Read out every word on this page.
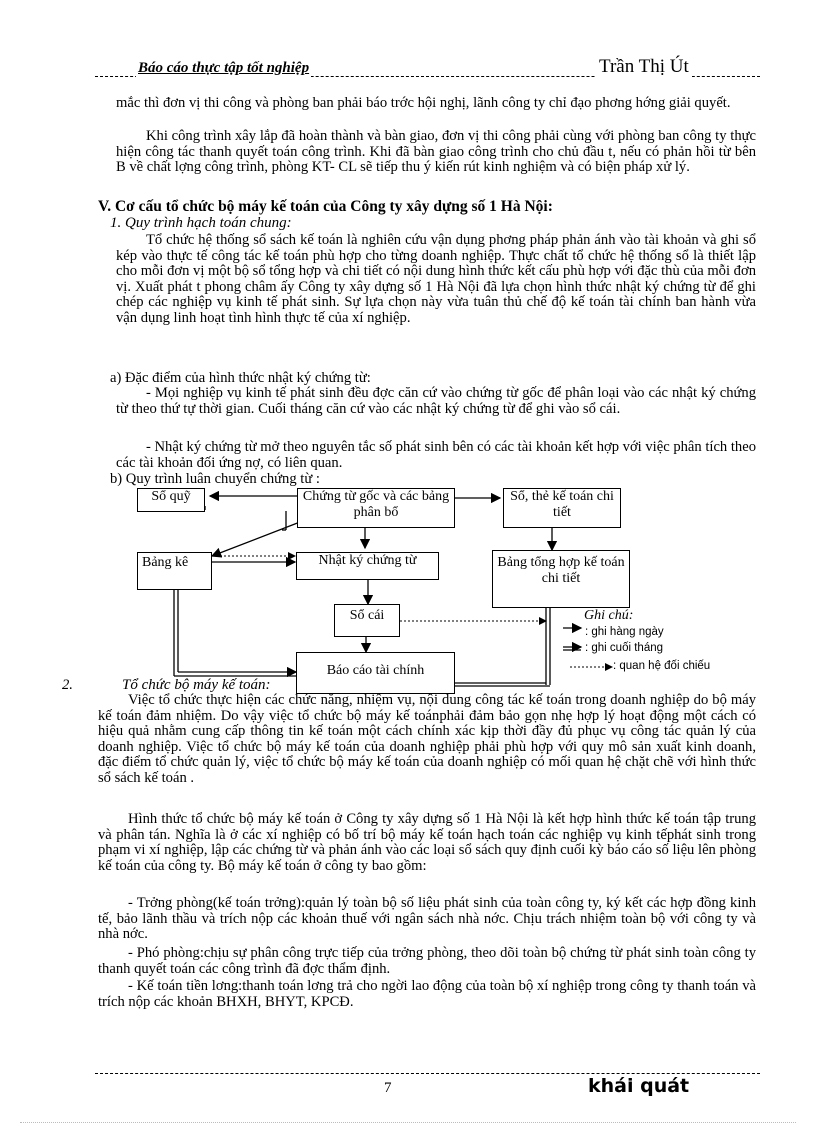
Báo cáo thực tập tốt nghiệp	Trần Thị Út

mắc thì đơn vị thi công và phòng ban phải báo trớc hội nghị, lãnh công ty chỉ đạo phơng hớng giải quyết.

Khi công trình xây lắp đã hoàn thành và bàn giao, đơn vị thi công phải cùng với phòng ban công ty thực hiện công tác thanh quyết toán công trình. Khi đã bàn giao công trình cho chủ đầu t, nếu có phản hồi từ bên B về chất lợng công trình, phòng KT- CL sẽ tiếp thu ý kiến rút kinh nghiệm và có biện pháp xử lý.

V. Cơ cấu tổ chức bộ máy kế toán của Công ty xây dựng số 1 Hà Nội:

1. Quy trình hạch toán chung:

Tổ chức hệ thống sổ sách kế toán là nghiên cứu vận dụng phơng pháp phản ánh vào tài khoản và ghi sổ kép vào thực tế công tác kế toán phù hợp cho từng doanh nghiệp. Thực chất tổ chức hệ thống sổ là thiết lập cho mỗi đơn vị một bộ sổ tổng hợp và chi tiết có nội dung hình thức kết cấu phù hợp với đặc thù của mỗi đơn vị. Xuất phát t phong châm ấy Công ty xây dựng số 1 Hà Nội đã lựa chọn hình thức nhật ký chứng từ để ghi chép các nghiệp vụ kinh tế phát sinh. Sự lựa chọn này vừa tuân thủ chế độ kế toán tài chính ban hành vừa vận dụng linh hoạt tình hình thực tế của xí nghiệp.

a) Đặc điểm của hình thức nhật ký chứng từ:

- Mọi nghiệp vụ kinh tế phát sinh đều đợc căn cứ vào chứng từ gốc để phân loại vào các nhật ký chứng từ theo thứ tự thời gian. Cuối tháng căn cứ vào các nhật ký chứng từ để ghi vào sổ cái.

- Nhật ký chứng từ mở theo nguyên tắc số phát sinh bên có các tài khoản kết hợp với việc phân tích theo các tài khoản đối ứng nợ, có liên quan.

b) Quy trình luân chuyển chứng từ :

Sổ quỹ	Chứng từ gốc và các bảng phân bổ
Sổ, thẻ kế toán chi tiết
Bảng kê	Nhật ký chứng từ	Bảng tổng hợp kế toán chi tiết
Sổ cái
Báo cáo tài chính
Ghi chú:
: ghi hàng ngày
: ghi cuối tháng
: quan hệ đối chiếu

2.	Tổ chức bộ máy kế toán:

Việc tổ chức thực hiện các chức năng, nhiệm vụ, nội dung công tác kế toán trong doanh nghiệp do bộ máy kế toán đảm nhiệm. Do vậy việc tổ chức bộ máy kế toánphải đảm bảo gọn nhẹ hợp lý hoạt động một cách có hiệu quả nhằm cung cấp thông tin kế toán một cách chính xác kịp thời đầy đủ phục vụ công tác quản lý của doanh nghiệp. Việc tổ chức bộ máy kế toán của doanh nghiệp phải phù hợp với quy mô sản xuất kinh doanh, đặc điểm tổ chức quản lý, việc tổ chức bộ máy kế toán của doanh nghiệp có mối quan hệ chặt chẽ với hình thức sổ sách kế toán .

Hình thức tổ chức bộ máy kế toán ở Công ty xây dựng số 1 Hà Nội là kết hợp hình thức kế toán tập trung và phân tán. Nghĩa là ở các xí nghiệp có bố trí bộ máy kế toán hạch toán các nghiệp vụ kinh tếphát sinh trong phạm vi xí nghiệp, lập các chứng từ và phản ánh vào các loại sổ sách quy định cuối kỳ báo cáo số liệu lên phòng kế toán của công ty. Bộ máy kế toán ở công ty bao gồm:

- Trởng phòng(kế toán trởng):quản lý toàn bộ số liệu phát sinh của toàn công ty, ký kết các hợp đồng kinh tế, bảo lãnh thầu và trích nộp các khoản thuế với ngân sách nhà nớc. Chịu trách nhiệm toàn bộ với công ty và nhà nớc.

- Phó phòng:chịu sự phân công trực tiếp của trởng phòng, theo dõi toàn bộ chứng từ phát sinh toàn công ty thanh quyết toán các công trình đã đợc thẩm định.

- Kế toán tiền lơng:thanh toán lơng trả cho ngời lao động của toàn bộ xí nghiệp trong công ty thanh toán và trích nộp các khoản BHXH, BHYT, KPCĐ.

7	khái quát
